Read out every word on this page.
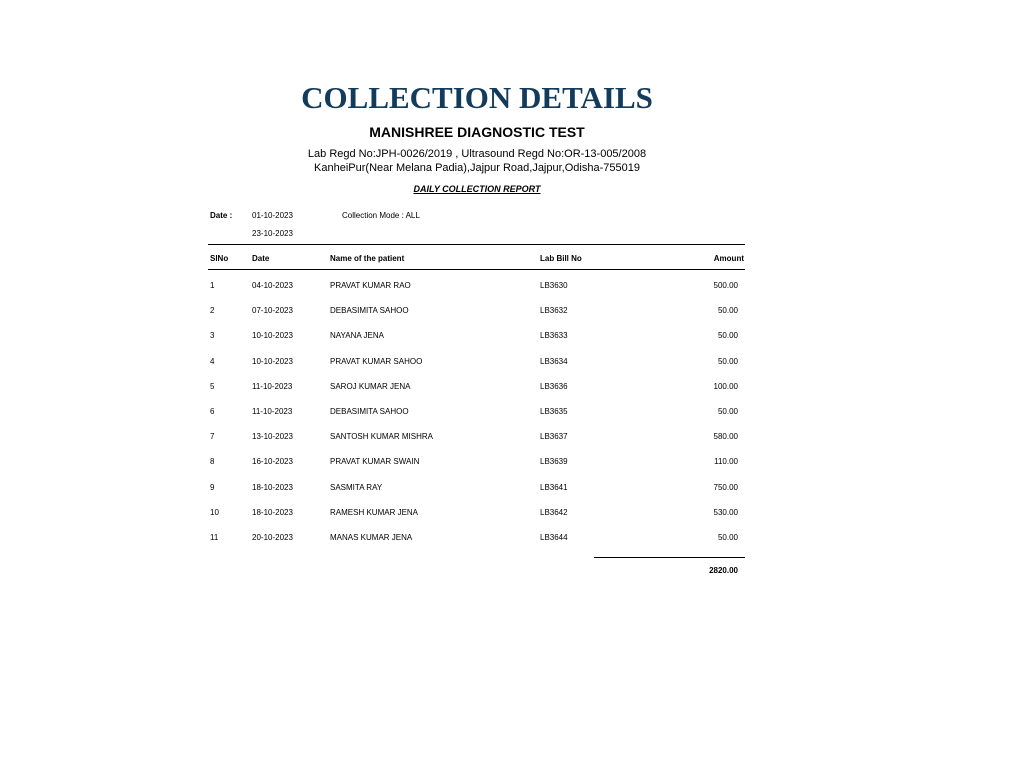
COLLECTION DETAILS
MANISHREE DIAGNOSTIC TEST
Lab Regd No:JPH-0026/2019 , Ultrasound Regd No:OR-13-005/2008
KanheiPur(Near Melana Padia),Jajpur Road,Jajpur,Odisha-755019
DAILY COLLECTION REPORT
Date : 01-10-2023	Collection Mode : ALL
23-10-2023
SlNo	Date	Name of the patient	Lab Bill No	Amount
1	04-10-2023	PRAVAT KUMAR RAO	LB3630	500.00
2	07-10-2023	DEBASIMITA SAHOO	LB3632	50.00
3	10-10-2023	NAYANA JENA	LB3633	50.00
4	10-10-2023	PRAVAT KUMAR SAHOO	LB3634	50.00
5	11-10-2023	SAROJ KUMAR JENA	LB3636	100.00
6	11-10-2023	DEBASIMITA SAHOO	LB3635	50.00
7	13-10-2023	SANTOSH KUMAR MISHRA	LB3637	580.00
8	16-10-2023	PRAVAT KUMAR SWAIN	LB3639	110.00
9	18-10-2023	SASMITA RAY	LB3641	750.00
10	18-10-2023	RAMESH KUMAR JENA	LB3642	530.00
11	20-10-2023	MANAS KUMAR JENA	LB3644	50.00
2820.00
